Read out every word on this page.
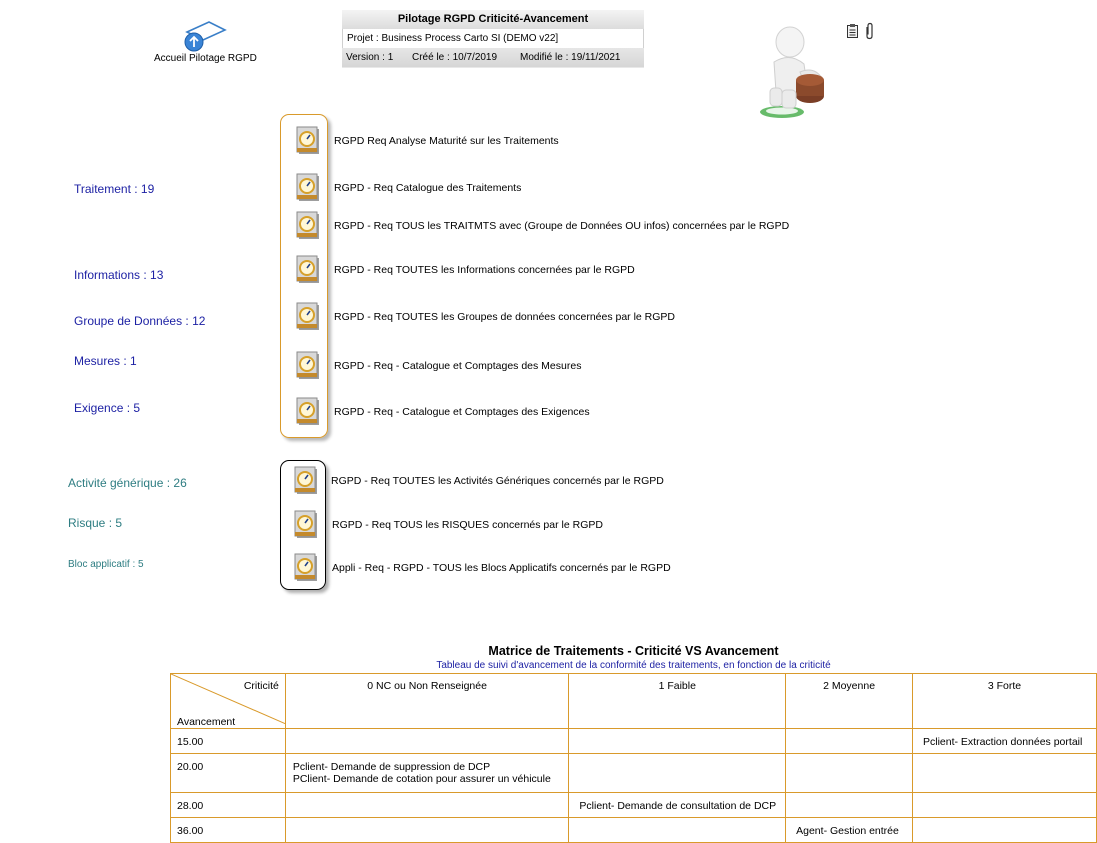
Accueil Pilotage RGPD
Pilotage RGPD Criticité-Avancement
Projet : Business Process Carto SI (DEMO v22]
Version : 1	Créé le : 10/7/2019	Modifié le : 19/11/2021
Traitement : 19
Informations : 13
Groupe de Données : 12
Mesures : 1
Exigence : 5
Activité générique : 26
Risque : 5
Bloc applicatif : 5
RGPD Req Analyse Maturité sur les Traitements
RGPD - Req Catalogue des Traitements
RGPD - Req TOUS les TRAITMTS avec (Groupe de Données OU infos) concernées par le RGPD
RGPD - Req TOUTES les Informations concernées par le RGPD
RGPD - Req TOUTES les Groupes de données concernées par le RGPD
RGPD - Req - Catalogue et Comptages des Mesures
RGPD - Req - Catalogue et Comptages des Exigences
RGPD - Req TOUTES les Activités Génériques concernés par le RGPD
RGPD - Req TOUS les RISQUES concernés par le RGPD
Appli - Req - RGPD - TOUS les Blocs Applicatifs concernés par le RGPD
Matrice de Traitements - Criticité VS Avancement
Tableau de suivi d'avancement de la conformité des traitements, en fonction de la criticité
Criticité
Avancement	0 NC ou Non Renseignée	1 Faible	2 Moyenne	3 Forte
15.00				Pclient- Extraction données portail
20.00	Pclient- Demande de suppression de DCP
PClient- Demande de cotation pour assurer un véhicule			

28.00		Pclient- Demande de consultation de DCP		
36.00			Agent- Gestion entrée	
